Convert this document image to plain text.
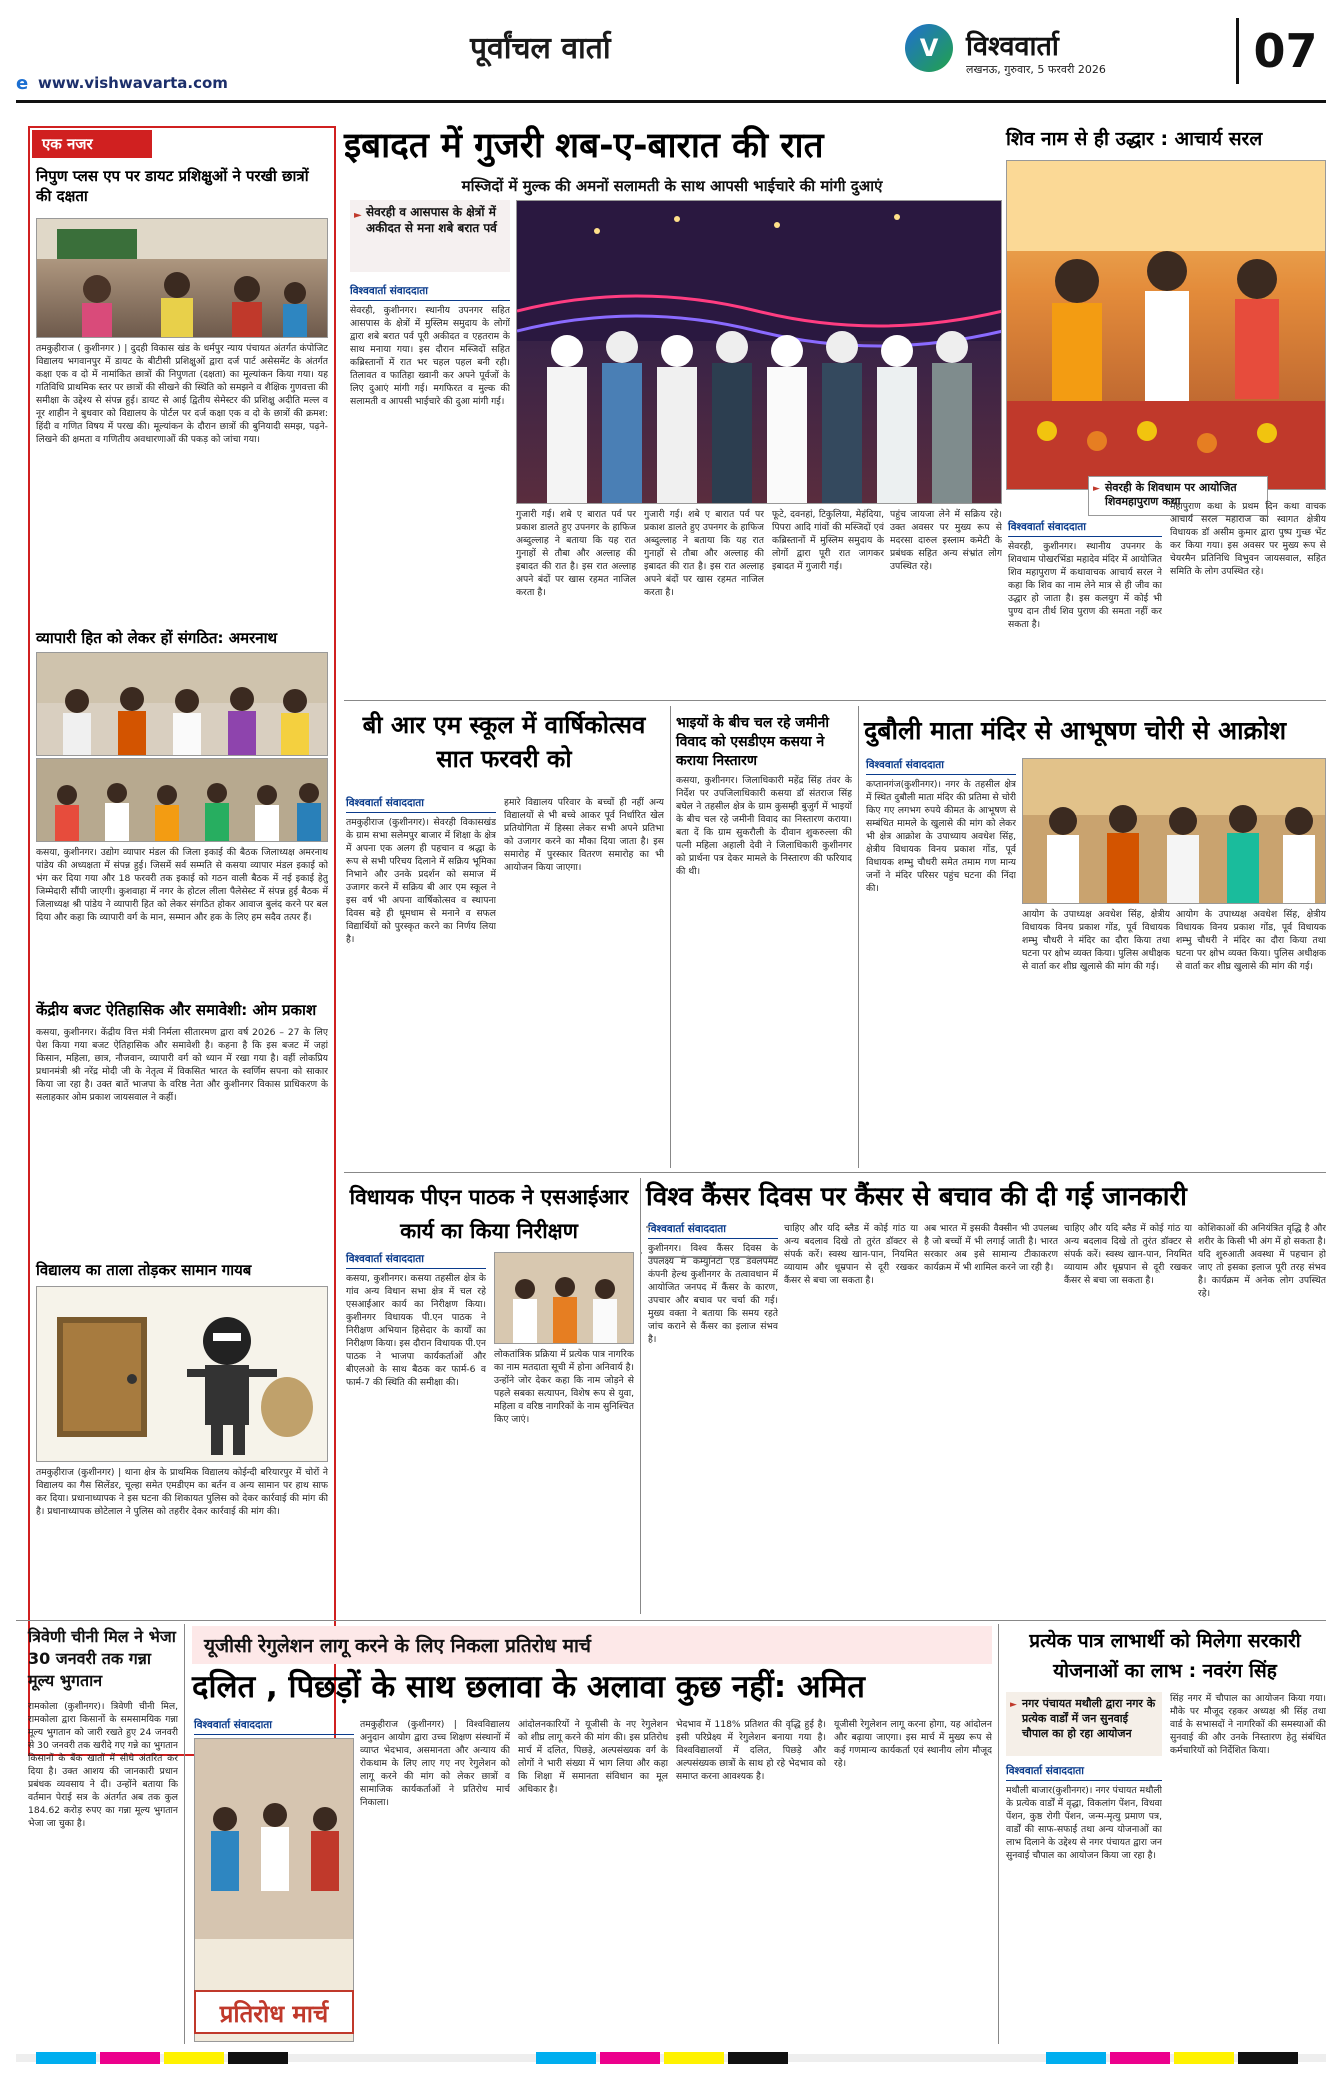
पूर्वांचल वार्ता	V	विश्ववार्ता
लखनऊ, गुरुवार, 5 फरवरी 2026	07
e www.vishwavarta.com
एक नजर
निपुण प्लस एप पर डायट प्रशिक्षुओं ने परखी छात्रों की दक्षता
तमकुहीराज ( कुशीनगर ) | दुदही विकास खंड के धर्मपुर न्याय पंचायत अंतर्गत कंपोजिट विद्यालय भगवानपुर में डायट के बीटीसी प्रशिक्षुओं द्वारा दर्ज पार्ट असेसमेंट के अंतर्गत कक्षा एक व दो में नामांकित छात्रों की निपुणता (दक्षता) का मूल्यांकन किया गया। यह गतिविधि प्राथमिक स्तर पर छात्रों की सीखने की स्थिति को समझने व शैक्षिक गुणवत्ता की समीक्षा के उद्देश्य से संपन्न हुई। डायट से आई द्वितीय सेमेस्टर की प्रशिक्षु अदीति मल्ल व नूर शाहीन ने बुधवार को विद्यालय के पोर्टल पर दर्ज कक्षा एक व दो के छात्रों की क्रमश: हिंदी व गणित विषय में परख की। मूल्यांकन के दौरान छात्रों की बुनियादी समझ, पढ़ने-लिखने की क्षमता व गणितीय अवधारणाओं की पकड़ को जांचा गया।
व्यापारी हित को लेकर हों संगठित: अमरनाथ
कसया, कुशीनगर। उद्योग व्यापार मंडल की जिला इकाई की बैठक जिलाध्यक्ष अमरनाथ पांडेय की अध्यक्षता में संपन्न हुई। जिसमें सर्व सम्मति से कसया व्यापार मंडल इकाई को भंग कर दिया गया और 18 फरवरी तक इकाई को गठन वाली बैठक में नई इकाई हेतु जिम्मेदारी सौंपी जाएगी। कुशवाहा में नगर के होटल लीला पैलेसेस्ट में संपन्न हुई बैठक में जिलाध्यक्ष श्री पांडेय ने व्यापारी हित को लेकर संगठित होकर आवाज बुलंद करने पर बल दिया और कहा कि व्यापारी वर्ग के मान, सम्मान और हक के लिए हम सदैव तत्पर हैं।
केंद्रीय बजट ऐतिहासिक और समावेशी: ओम प्रकाश
कसया, कुशीनगर। केंद्रीय वित्त मंत्री निर्मला सीतारमण द्वारा वर्ष 2026 – 27 के लिए पेश किया गया बजट ऐतिहासिक और समावेशी है। कहना है कि इस बजट में जहां किसान, महिला, छात्र, नौजवान, व्यापारी वर्ग को ध्यान में रखा गया है। वहीं लोकप्रिय प्रधानमंत्री श्री नरेंद्र मोदी जी के नेतृत्व में विकसित भारत के स्वर्णिम सपना को साकार किया जा रहा है। उक्त बातें भाजपा के वरिष्ठ नेता और कुशीनगर विकास प्राधिकरण के सलाहकार ओम प्रकाश जायसवाल ने कहीं।
विद्यालय का ताला तोड़कर सामान गायब
तमकुहीराज (कुशीनगर) | थाना क्षेत्र के प्राथमिक विद्यालय कोईन्दी बरियारपुर में चोरों ने विद्यालय का गैस सिलेंडर, चूल्हा समेत एमडीएम का बर्तन व अन्य सामान पर हाथ साफ कर दिया। प्रधानाध्यापक ने इस घटना की शिकायत पुलिस को देकर कार्रवाई की मांग की है। प्रधानाध्यापक छोटेलाल ने पुलिस को तहरीर देकर कार्रवाई की मांग की।
इबादत में गुजरी शब-ए-बारात की रात
मस्जिदों में मुल्क की अमनों सलामती के साथ आपसी भाईचारे की मांगी दुआएं
► सेवरही व आसपास के क्षेत्रों में अकीदत से मना शबे बरात पर्व
विश्ववार्ता संवाददाता
सेवरही, कुशीनगर। स्थानीय उपनगर सहित आसपास के क्षेत्रों में मुस्लिम समुदाय के लोगों द्वारा शबे बरात पर्व पूरी अकीदत व एहतराम के साथ मनाया गया। इस दौरान मस्जिदों सहित कब्रिस्तानों में रात भर चहल पहल बनी रही। तिलावत व फातिहा ख्वानी कर अपने पूर्वजों के लिए दुआएं मांगी गई। मगफिरत व मुल्क की सलामती व आपसी भाईचारे की दुआ मांगी गई।
गुजारी गई। शबे ए बारात पर्व पर प्रकाश डालते हुए उपनगर के हाफिज अब्दुल्लाह ने बताया कि यह रात गुनाहों से तौबा और अल्लाह की इबादत की रात है। इस रात अल्लाह अपने बंदों पर खास रहमत नाजिल करता है।
गुजारी गई। शबे ए बारात पर्व पर प्रकाश डालते हुए उपनगर के हाफिज अब्दुल्लाह ने बताया कि यह रात गुनाहों से तौबा और अल्लाह की इबादत की रात है। इस रात अल्लाह अपने बंदों पर खास रहमत नाजिल करता है।
फूटे, दवनहां, टिकुलिया, मेहंदिया, पिपरा आदि गांवों की मस्जिदों एवं कब्रिस्तानों में मुस्लिम समुदाय के लोगों द्वारा पूरी रात जागकर इबादत में गुजारी गई।
पहुंच जायजा लेने में सक्रिय रहे। उक्त अवसर पर मुख्य रूप से मदरसा दारुल इस्लाम कमेटी के प्रबंधक सहित अन्य संभ्रांत लोग उपस्थित रहे।
शिव नाम से ही उद्धार : आचार्य सरल
► सेवरही के शिवधाम पर आयोजित शिवमहापुराण कथा
विश्ववार्ता संवाददाता
सेवरही, कुशीनगर। स्थानीय उपनगर के शिवधाम पोखरभिंडा महादेव मंदिर में आयोजित शिव महापुराण में कथावाचक आचार्य सरल ने कहा कि शिव का नाम लेने मात्र से ही जीव का उद्धार हो जाता है। इस कलयुग में कोई भी पुण्य दान तीर्थ शिव पुराण की समता नहीं कर सकता है।
महापुराण कथा के प्रथम दिन कथा वाचक आचार्य सरल महाराज का स्वागत क्षेत्रीय विधायक डॉ असीम कुमार द्वारा पुष्प गुच्छ भेंट कर किया गया। इस अवसर पर मुख्य रूप से चेयरमैन प्रतिनिधि विभुवन जायसवाल, सहित समिति के लोग उपस्थित रहे।
बी आर एम स्कूल में वार्षिकोत्सव सात फरवरी को
विश्ववार्ता संवाददाता
तमकुहीराज (कुशीनगर)। सेवरही विकासखंड के ग्राम सभा सलेमपुर बाजार में शिक्षा के क्षेत्र में अपना एक अलग ही पहचान व श्रद्धा के रूप से सभी परिचय दिलाने में सक्रिय भूमिका निभाने और उनके प्रदर्शन को समाज में उजागर करने में सक्रिय बी आर एम स्कूल ने इस वर्ष भी अपना वार्षिकोत्सव व स्थापना दिवस बड़े ही धूमधाम से मनाने व सफल विद्यार्थियों को पुरस्कृत करने का निर्णय लिया है।
हमारे विद्यालय परिवार के बच्चों ही नहीं अन्य विद्यालयों से भी बच्चे आकर पूर्व निर्धारित खेल प्रतियोगिता में हिस्सा लेकर सभी अपने प्रतिभा को उजागर करने का मौका दिया जाता है। इस समारोह में पुरस्कार वितरण समारोह का भी आयोजन किया जाएगा।
भाइयों के बीच चल रहे जमीनी विवाद को एसडीएम कसया ने कराया निस्तारण
कसया, कुशीनगर। जिलाधिकारी महेंद्र सिंह तंवर के निर्देश पर उपजिलाधिकारी कसया डॉ संतराज सिंह बघेल ने तहसील क्षेत्र के ग्राम कुसम्ही बुजुर्ग में भाइयों के बीच चल रहे जमीनी विवाद का निस्तारण कराया। बता दें कि ग्राम सुकरौली के दीवान शुकरुल्ला की पत्नी महिला अहाली देवी ने जिलाधिकारी कुशीनगर को प्रार्थना पत्र देकर मामले के निस्तारण की फरियाद की थी।
दुबौली माता मंदिर से आभूषण चोरी से आक्रोश
विश्ववार्ता संवाददाता
कप्तानगंज(कुशीनगर)। नगर के तहसील क्षेत्र में स्थित दुबौली माता मंदिर की प्रतिमा से चोरी किए गए लगभग रुपये कीमत के आभूषण से सम्बंधित मामले के खुलासे की मांग को लेकर भी क्षेत्र आक्रोश के उपाध्याय अवधेश सिंह, क्षेत्रीय विधायक विनय प्रकाश गोंड, पूर्व विधायक शम्भु चौधरी समेत तमाम गण मान्य जनों ने मंदिर परिसर पहुंच घटना की निंदा की।
आयोग के उपाध्यक्ष अवधेश सिंह, क्षेत्रीय विधायक विनय प्रकाश गोंड, पूर्व विधायक शम्भु चौधरी ने मंदिर का दौरा किया तथा घटना पर क्षोभ व्यक्त किया। पुलिस अधीक्षक से वार्ता कर शीघ्र खुलासे की मांग की गई।
आयोग के उपाध्यक्ष अवधेश सिंह, क्षेत्रीय विधायक विनय प्रकाश गोंड, पूर्व विधायक शम्भु चौधरी ने मंदिर का दौरा किया तथा घटना पर क्षोभ व्यक्त किया। पुलिस अधीक्षक से वार्ता कर शीघ्र खुलासे की मांग की गई।
विधायक पीएन पाठक ने एसआईआर कार्य का किया निरीक्षण
विश्ववार्ता संवाददाता
कसया, कुशीनगर। कसया तहसील क्षेत्र के गांव अन्य विधान सभा क्षेत्र में चल रहे एसआईआर कार्य का निरीक्षण किया। कुशीनगर विधायक पी.एन पाठक ने निरीक्षण अभियान हिसेदार के कार्यों का निरीक्षण किया। इस दौरान विधायक पी.एन पाठक ने भाजपा कार्यकर्ताओं और बीएलओ के साथ बैठक कर फार्म-6 व फार्म-7 की स्थिति की समीक्षा की।
लोकतांत्रिक प्रक्रिया में प्रत्येक पात्र नागरिक का नाम मतदाता सूची में होना अनिवार्य है। उन्होंने जोर देकर कहा कि नाम जोड़ने से पहले सबका सत्यापन, विशेष रूप से युवा, महिला व वरिष्ठ नागरिकों के नाम सुनिश्चित किए जाएं।
विश्व कैंसर दिवस पर कैंसर से बचाव की दी गई जानकारी
विश्ववार्ता संवाददाता
कुशीनगर। विश्व कैंसर दिवस के उपलक्ष्य में कम्युनिटी एंड डेवलपमेंट कंपनी हेल्थ कुशीनगर के तत्वावधान में आयोजित जनपद में कैंसर के कारण, उपचार और बचाव पर चर्चा की गई। मुख्य वक्ता ने बताया कि समय रहते जांच कराने से कैंसर का इलाज संभव है।
चाहिए और यदि ब्लैड में कोई गांठ या अन्य बदलाव दिखे तो तुरंत डॉक्टर से संपर्क करें। स्वस्थ खान-पान, नियमित व्यायाम और धूम्रपान से दूरी रखकर कैंसर से बचा जा सकता है।
अब भारत में इसकी वैक्सीन भी उपलब्ध है जो बच्चों में भी लगाई जाती है। भारत सरकार अब इसे सामान्य टीकाकरण कार्यक्रम में भी शामिल करने जा रही है।
चाहिए और यदि ब्लैड में कोई गांठ या अन्य बदलाव दिखे तो तुरंत डॉक्टर से संपर्क करें। स्वस्थ खान-पान, नियमित व्यायाम और धूम्रपान से दूरी रखकर कैंसर से बचा जा सकता है।
कोशिकाओं की अनियंत्रित वृद्धि है और शरीर के किसी भी अंग में हो सकता है। यदि शुरुआती अवस्था में पहचान हो जाए तो इसका इलाज पूरी तरह संभव है। कार्यक्रम में अनेक लोग उपस्थित रहे।
त्रिवेणी चीनी मिल ने भेजा 30 जनवरी तक गन्ना मूल्य भुगतान
रामकोला (कुशीनगर)। त्रिवेणी चीनी मिल, रामकोला द्वारा किसानों के समसामयिक गन्ना मूल्य भुगतान को जारी रखते हुए 24 जनवरी से 30 जनवरी तक खरीदे गए गन्ने का भुगतान किसानों के बैंक खातों में सीधे अंतरित कर दिया है। उक्त आशय की जानकारी प्रधान प्रबंधक व्यवसाय ने दी। उन्होंने बताया कि वर्तमान पेराई सत्र के अंतर्गत अब तक कुल 184.62 करोड़ रुपए का गन्ना मूल्य भुगतान भेजा जा चुका है।
यूजीसी रेगुलेशन लागू करने के लिए निकला प्रतिरोध मार्च
दलित , पिछड़ों के साथ छलावा के अलावा कुछ नहीं: अमित
विश्ववार्ता संवाददाता
प्रतिरोध मार्च
तमकुहीराज (कुशीनगर) | विश्वविद्यालय अनुदान आयोग द्वारा उच्च शिक्षण संस्थानों में व्याप्त भेदभाव, असमानता और अन्याय की रोकथाम के लिए लाए गए नए रेगुलेशन को लागू करने की मांग को लेकर छात्रों व सामाजिक कार्यकर्ताओं ने प्रतिरोध मार्च निकाला।
आंदोलनकारियों ने यूजीसी के नए रेगुलेशन को शीघ्र लागू करने की मांग की। इस प्रतिरोध मार्च में दलित, पिछड़े, अल्पसंख्यक वर्ग के लोगों ने भारी संख्या में भाग लिया और कहा कि शिक्षा में समानता संविधान का मूल अधिकार है।
भेदभाव में 118% प्रतिशत की वृद्धि हुई है। इसी परिप्रेक्ष्य में रेगुलेशन बनाया गया है। विश्वविद्यालयों में दलित, पिछड़े और अल्पसंख्यक छात्रों के साथ हो रहे भेदभाव को समाप्त करना आवश्यक है।
यूजीसी रेगुलेशन लागू करना होगा, यह आंदोलन और बढ़ाया जाएगा। इस मार्च में मुख्य रूप से कई गणमान्य कार्यकर्ता एवं स्थानीय लोग मौजूद रहे।
प्रत्येक पात्र लाभार्थी को मिलेगा सरकारी योजनाओं का लाभ : नवरंग सिंह
► नगर पंचायत मथौली द्वारा नगर के प्रत्येक वार्डों में जन सुनवाई चौपाल का हो रहा आयोजन
विश्ववार्ता संवाददाता
मथौली बाजार(कुशीनगर)। नगर पंचायत मथौली के प्रत्येक वार्डों में वृद्धा, विकलांग पेंशन, विधवा पेंशन, कुष्ठ रोगी पेंशन, जन्म-मृत्यु प्रमाण पत्र, वार्डों की साफ-सफाई तथा अन्य योजनाओं का लाभ दिलाने के उद्देश्य से नगर पंचायत द्वारा जन सुनवाई चौपाल का आयोजन किया जा रहा है।
सिंह नगर में चौपाल का आयोजन किया गया। मौके पर मौजूद रहकर अध्यक्ष श्री सिंह तथा वार्ड के सभासदों ने नागरिकों की समस्याओं की सुनवाई की और उनके निस्तारण हेतु संबंधित कर्मचारियों को निर्देशित किया।
